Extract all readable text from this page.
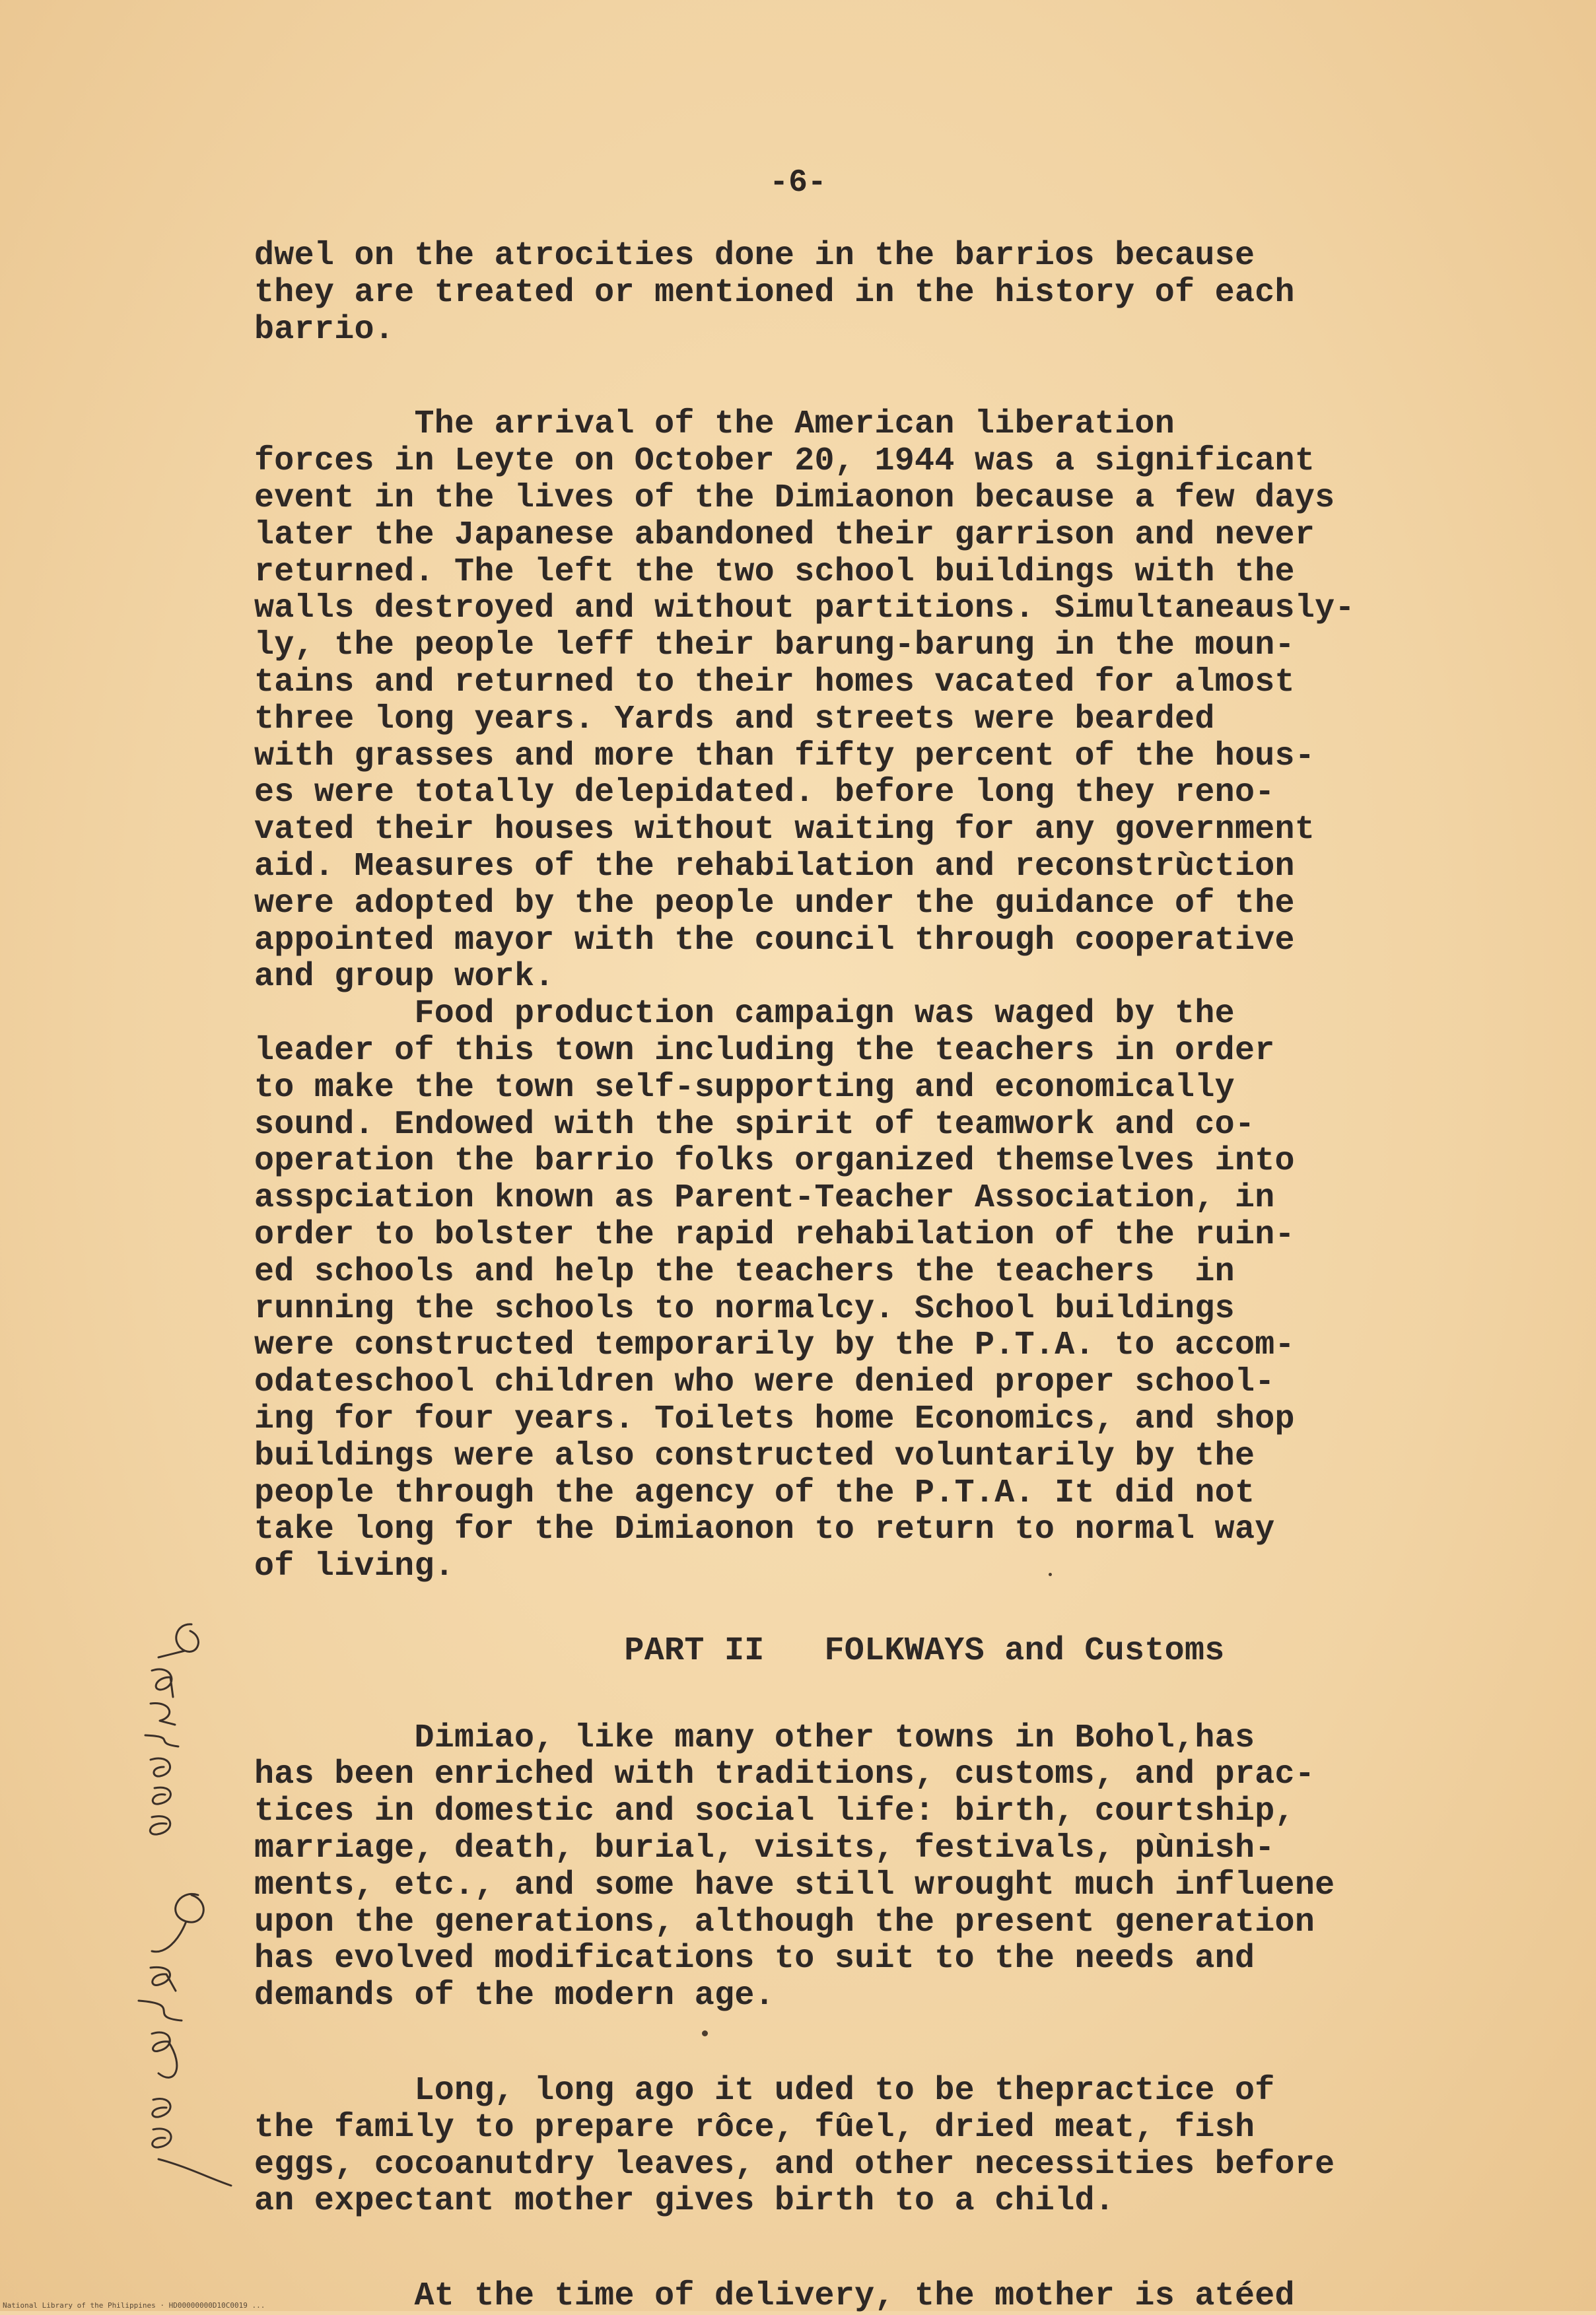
-6-
dwel on the atrocities done in the barrios because
they are treated or mentioned in the history of each
barrio.
The arrival of the American liberation
forces in Leyte on October 20, 1944 was a significant
event in the lives of the Dimiaonon because a few days
later the Japanese abandoned their garrison and never
returned. The left the two school buildings with the
walls destroyed and without partitions. Simultaneausly-
ly, the people leff their barung-barung in the moun-
tains and returned to their homes vacated for almost
three long years. Yards and streets were bearded
with grasses and more than fifty percent of the hous-
es were totally delepidated. before long they reno-
vated their houses without waiting for any government
aid. Measures of the rehabilation and reconstrùction
were adopted by the people under the guidance of the
appointed mayor with the council through cooperative
and group work.
Food production campaign was waged by the
leader of this town including the teachers in order
to make the town self-supporting and economically
sound. Endowed with the spirit of teamwork and co-
operation the barrio folks organized themselves into
asspciation known as Parent-Teacher Association, in
order to bolster the rapid rehabilation of the ruin-
ed schools and help the teachers the teachers  in
running the schools to normalcy. School buildings
were constructed temporarily by the P.T.A. to accom-
odateschool children who were denied proper school-
ing for four years. Toilets home Economics, and shop
buildings were also constructed voluntarily by the
people through the agency of the P.T.A. It did not
take long for the Dimiaonon to return to normal way
of living.
PART II   FOLKWAYS and Customs
Dimiao, like many other towns in Bohol,has
has been enriched with traditions, customs, and prac-
tices in domestic and social life: birth, courtship,
marriage, death, burial, visits, festivals, pùnish-
ments, etc., and some have still wrought much influene
upon the generations, although the present generation
has evolved modifications to suit to the needs and
demands of the modern age.
Long, long ago it uded to be thepractice of
the family to prepare rôce, fûel, dried meat, fish
eggs, cocoanutdry leaves, and other necessities before
an expectant mother gives birth to a child.
At the time of delivery, the mother is atéed
National Library of the Philippines · HD00000000D10C0019 ...
